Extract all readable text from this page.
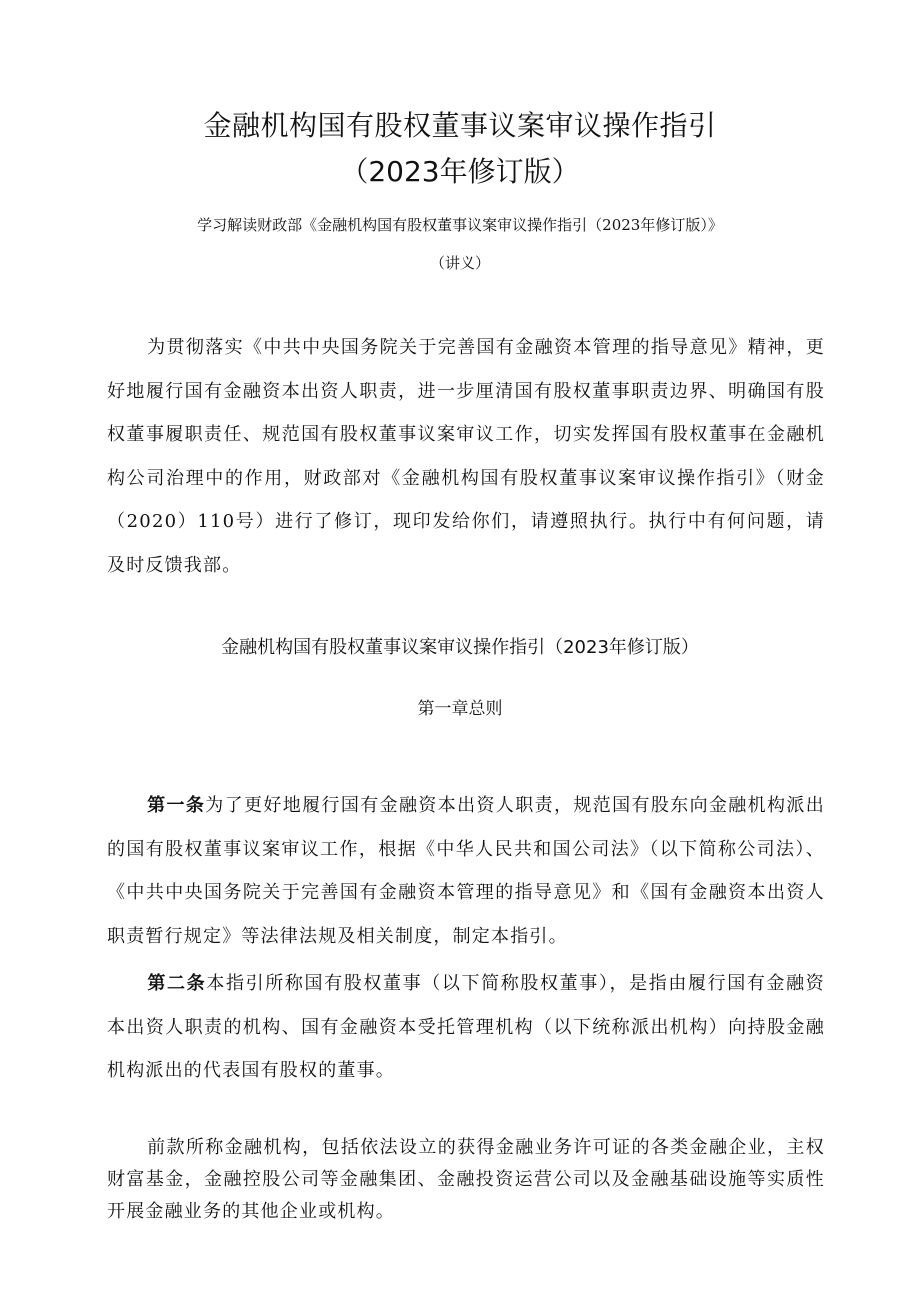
金融机构国有股权董事议案审议操作指引
（2023年修订版）
学习解读财政部《金融机构国有股权董事议案审议操作指引（2023年修订版）》
（讲义）
为贯彻落实《中共中央国务院关于完善国有金融资本管理的指导意见》精神，更好地履行国有金融资本出资人职责，进一步厘清国有股权董事职责边界、明确国有股权董事履职责任、规范国有股权董事议案审议工作，切实发挥国有股权董事在金融机构公司治理中的作用，财政部对《金融机构国有股权董事议案审议操作指引》（财金（2020）110号）进行了修订，现印发给你们，请遵照执行。执行中有何问题，请及时反馈我部。
金融机构国有股权董事议案审议操作指引（2023年修订版）
第一章总则
第一条为了更好地履行国有金融资本出资人职责，规范国有股东向金融机构派出的国有股权董事议案审议工作，根据《中华人民共和国公司法》（以下简称公司法）、《中共中央国务院关于完善国有金融资本管理的指导意见》和《国有金融资本出资人职责暂行规定》等法律法规及相关制度，制定本指引。
第二条本指引所称国有股权董事（以下简称股权董事），是指由履行国有金融资本出资人职责的机构、国有金融资本受托管理机构（以下统称派出机构）向持股金融机构派出的代表国有股权的董事。
前款所称金融机构，包括依法设立的获得金融业务许可证的各类金融企业，主权财富基金，金融控股公司等金融集团、金融投资运营公司以及金融基础设施等实质性开展金融业务的其他企业或机构。
